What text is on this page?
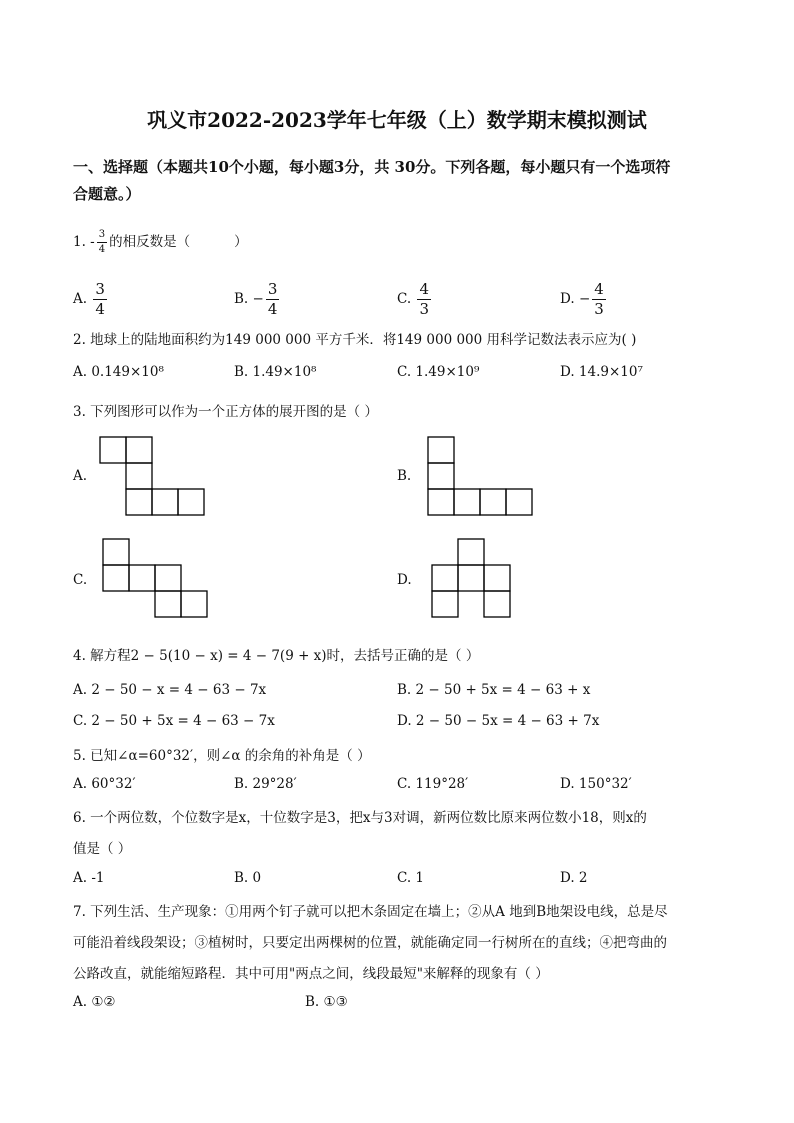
巩义市2022-2023学年七年级（上）数学期末模拟测试
一、选择题（本题共10个小题，每小题3分，共 30分。下列各题，每小题只有一个选项符
合题意。）
1. - $\frac{3}{4}$ 的相反数是（	）
A. $\frac{3}{4}$	B. − $\frac{3}{4}$	C. $\frac{4}{3}$	D. − $\frac{4}{3}$
2. 地球上的陆地面积约为149 000 000 平方千米．将149 000 000 用科学记数法表示应为( )
A. 0.149×10⁸	B. 1.49×10⁸	C. 1.49×10⁹	D. 14.9×10⁷
3. 下列图形可以作为一个正方体的展开图的是（ ）
A.	B.
C.	D.
4. 解方程2 − 5(10 − x) = 4 − 7(9 + x)时，去括号正确的是（ ）
A. 2 − 50 − x = 4 − 63 − 7x	B. 2 − 50 + 5x = 4 − 63 + x
C. 2 − 50 + 5x = 4 − 63 − 7x	D. 2 − 50 − 5x = 4 − 63 + 7x
5. 已知∠α=60°32′，则∠α 的余角的补角是（ ）
A. 60°32′	B. 29°28′	C. 119°28′	D. 150°32′
6. 一个两位数，个位数字是x，十位数字是3，把x与3对调，新两位数比原来两位数小18，则x的
值是（ ）
A. -1	B. 0	C. 1	D. 2
7. 下列生活、生产现象：①用两个钉子就可以把木条固定在墙上；②从A 地到B地架设电线，总是尽
可能沿着线段架设；③植树时，只要定出两棵树的位置，就能确定同一行树所在的直线；④把弯曲的
公路改直，就能缩短路程．其中可用"两点之间，线段最短"来解释的现象有（ ）
A. ①②	B. ①③
